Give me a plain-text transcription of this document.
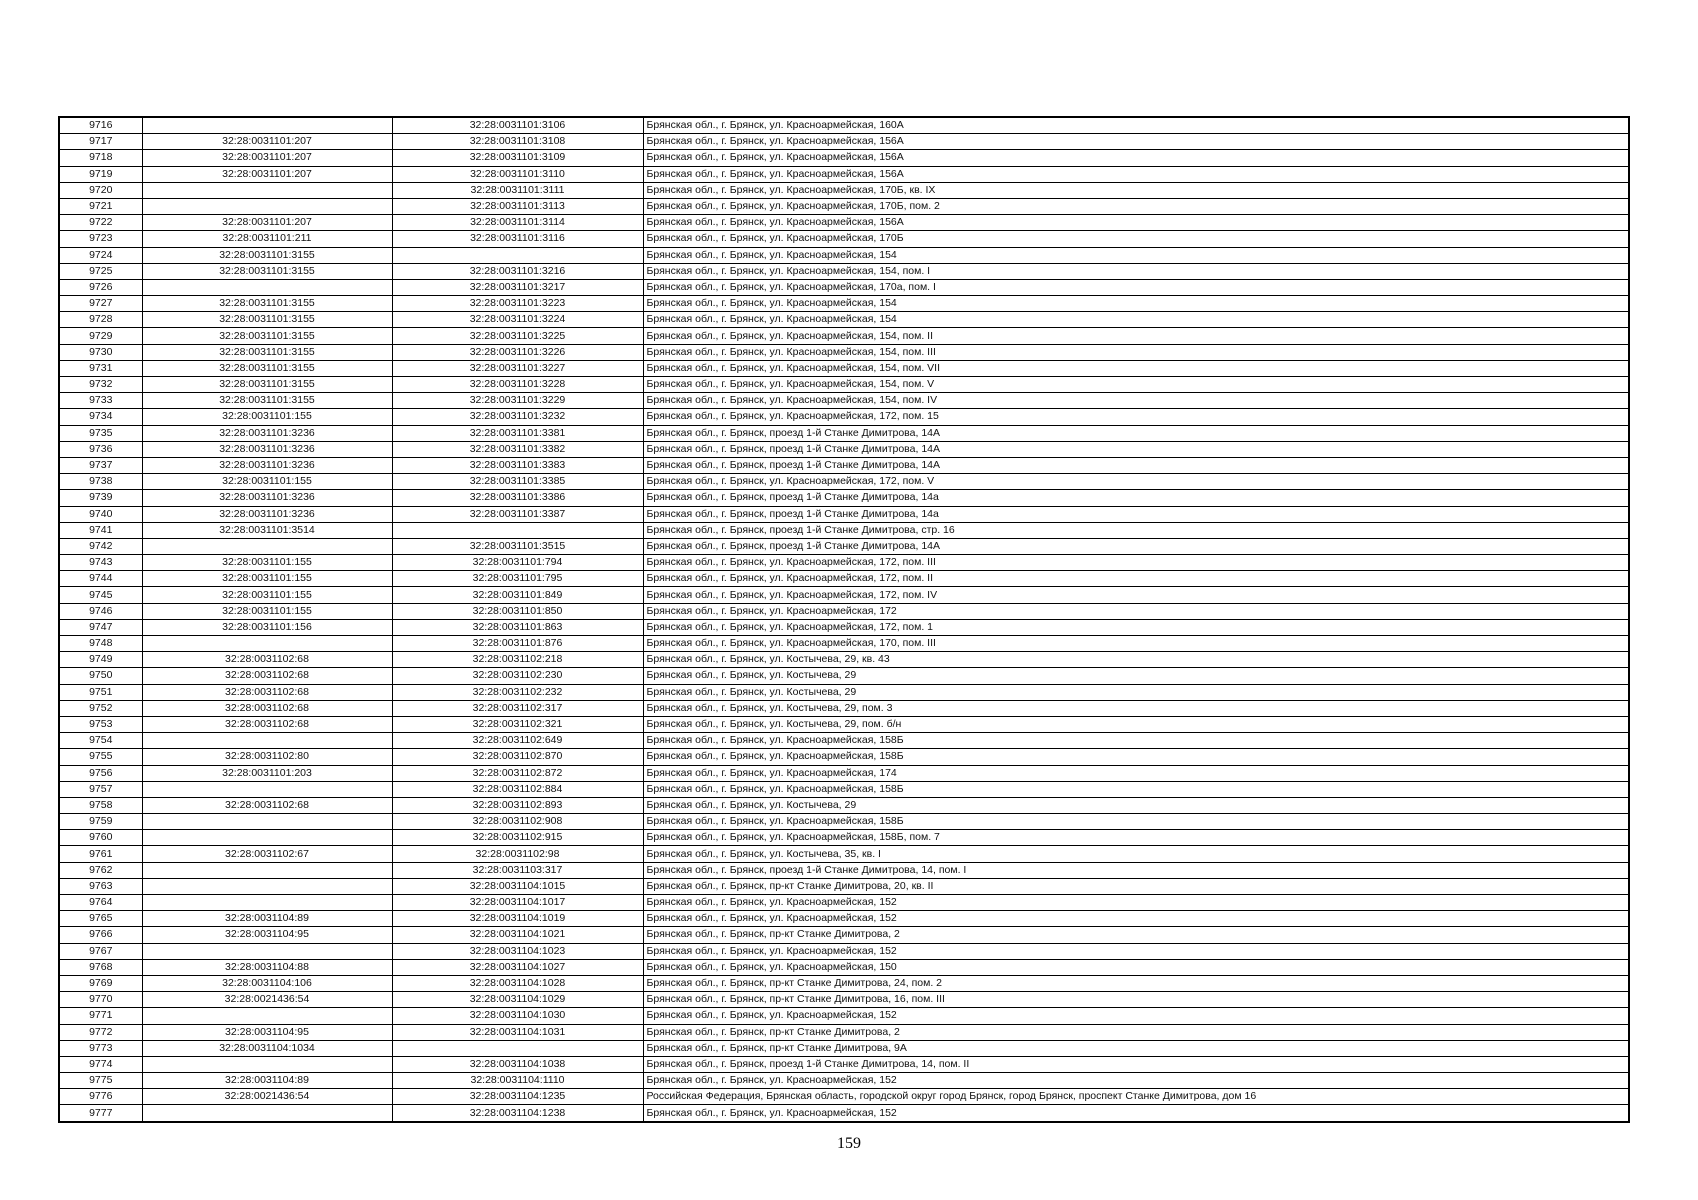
9716		32:28:0031101:3106	Брянская обл., г. Брянск, ул. Красноармейская, 160А
9717	32:28:0031101:207	32:28:0031101:3108	Брянская обл., г. Брянск, ул. Красноармейская, 156А
9718	32:28:0031101:207	32:28:0031101:3109	Брянская обл., г. Брянск, ул. Красноармейская, 156А
9719	32:28:0031101:207	32:28:0031101:3110	Брянская обл., г. Брянск, ул. Красноармейская, 156А
9720		32:28:0031101:3111	Брянская обл., г. Брянск, ул. Красноармейская, 170Б, кв. IX
9721		32:28:0031101:3113	Брянская обл., г. Брянск, ул. Красноармейская, 170Б, пом. 2
9722	32:28:0031101:207	32:28:0031101:3114	Брянская обл., г. Брянск, ул. Красноармейская, 156А
9723	32:28:0031101:211	32:28:0031101:3116	Брянская обл., г. Брянск, ул. Красноармейская, 170Б
9724	32:28:0031101:3155		Брянская обл., г. Брянск, ул. Красноармейская, 154
9725	32:28:0031101:3155	32:28:0031101:3216	Брянская обл., г. Брянск, ул. Красноармейская, 154, пом. I
9726		32:28:0031101:3217	Брянская обл., г. Брянск, ул. Красноармейская, 170а, пом. I
9727	32:28:0031101:3155	32:28:0031101:3223	Брянская обл., г. Брянск, ул. Красноармейская, 154
9728	32:28:0031101:3155	32:28:0031101:3224	Брянская обл., г. Брянск, ул. Красноармейская, 154
9729	32:28:0031101:3155	32:28:0031101:3225	Брянская обл., г. Брянск, ул. Красноармейская, 154, пом. II
9730	32:28:0031101:3155	32:28:0031101:3226	Брянская обл., г. Брянск, ул. Красноармейская, 154, пом. III
9731	32:28:0031101:3155	32:28:0031101:3227	Брянская обл., г. Брянск, ул. Красноармейская, 154, пом. VII
9732	32:28:0031101:3155	32:28:0031101:3228	Брянская обл., г. Брянск, ул. Красноармейская, 154, пом. V
9733	32:28:0031101:3155	32:28:0031101:3229	Брянская обл., г. Брянск, ул. Красноармейская, 154, пом. IV
9734	32:28:0031101:155	32:28:0031101:3232	Брянская обл., г. Брянск, ул. Красноармейская, 172, пом. 15
9735	32:28:0031101:3236	32:28:0031101:3381	Брянская обл., г. Брянск, проезд 1-й Станке Димитрова, 14А
9736	32:28:0031101:3236	32:28:0031101:3382	Брянская обл., г. Брянск, проезд 1-й Станке Димитрова, 14А
9737	32:28:0031101:3236	32:28:0031101:3383	Брянская обл., г. Брянск, проезд 1-й Станке Димитрова, 14А
9738	32:28:0031101:155	32:28:0031101:3385	Брянская обл., г. Брянск, ул. Красноармейская, 172, пом. V
9739	32:28:0031101:3236	32:28:0031101:3386	Брянская обл., г. Брянск, проезд 1-й Станке Димитрова, 14а
9740	32:28:0031101:3236	32:28:0031101:3387	Брянская обл., г. Брянск, проезд 1-й Станке Димитрова, 14а
9741	32:28:0031101:3514		Брянская обл., г. Брянск, проезд 1-й Станке Димитрова, стр. 16
9742		32:28:0031101:3515	Брянская обл., г. Брянск, проезд 1-й Станке Димитрова, 14А
9743	32:28:0031101:155	32:28:0031101:794	Брянская обл., г. Брянск, ул. Красноармейская, 172, пом. III
9744	32:28:0031101:155	32:28:0031101:795	Брянская обл., г. Брянск, ул. Красноармейская, 172, пом. II
9745	32:28:0031101:155	32:28:0031101:849	Брянская обл., г. Брянск, ул. Красноармейская, 172, пом. IV
9746	32:28:0031101:155	32:28:0031101:850	Брянская обл., г. Брянск, ул. Красноармейская, 172
9747	32:28:0031101:156	32:28:0031101:863	Брянская обл., г. Брянск, ул. Красноармейская, 172, пом. 1
9748		32:28:0031101:876	Брянская обл., г. Брянск, ул. Красноармейская, 170, пом. III
9749	32:28:0031102:68	32:28:0031102:218	Брянская обл., г. Брянск, ул. Костычева, 29, кв. 43
9750	32:28:0031102:68	32:28:0031102:230	Брянская обл., г. Брянск, ул. Костычева, 29
9751	32:28:0031102:68	32:28:0031102:232	Брянская обл., г. Брянск, ул. Костычева, 29
9752	32:28:0031102:68	32:28:0031102:317	Брянская обл., г. Брянск, ул. Костычева, 29, пом. 3
9753	32:28:0031102:68	32:28:0031102:321	Брянская обл., г. Брянск, ул. Костычева, 29, пом. б/н
9754		32:28:0031102:649	Брянская обл., г. Брянск, ул. Красноармейская, 158Б
9755	32:28:0031102:80	32:28:0031102:870	Брянская обл., г. Брянск, ул. Красноармейская, 158Б
9756	32:28:0031101:203	32:28:0031102:872	Брянская обл., г. Брянск, ул. Красноармейская, 174
9757		32:28:0031102:884	Брянская обл., г. Брянск, ул. Красноармейская, 158Б
9758	32:28:0031102:68	32:28:0031102:893	Брянская обл., г. Брянск, ул. Костычева, 29
9759		32:28:0031102:908	Брянская обл., г. Брянск, ул. Красноармейская, 158Б
9760		32:28:0031102:915	Брянская обл., г. Брянск, ул. Красноармейская, 158Б, пом. 7
9761	32:28:0031102:67	32:28:0031102:98	Брянская обл., г. Брянск, ул. Костычева, 35, кв. I
9762		32:28:0031103:317	Брянская обл., г. Брянск, проезд 1-й Станке Димитрова, 14, пом. I
9763		32:28:0031104:1015	Брянская обл., г. Брянск, пр-кт Станке Димитрова, 20, кв. II
9764		32:28:0031104:1017	Брянская обл., г. Брянск, ул. Красноармейская, 152
9765	32:28:0031104:89	32:28:0031104:1019	Брянская обл., г. Брянск, ул. Красноармейская, 152
9766	32:28:0031104:95	32:28:0031104:1021	Брянская обл., г. Брянск, пр-кт Станке Димитрова, 2
9767		32:28:0031104:1023	Брянская обл., г. Брянск, ул. Красноармейская, 152
9768	32:28:0031104:88	32:28:0031104:1027	Брянская обл., г. Брянск, ул. Красноармейская, 150
9769	32:28:0031104:106	32:28:0031104:1028	Брянская обл., г. Брянск, пр-кт Станке Димитрова, 24, пом. 2
9770	32:28:0021436:54	32:28:0031104:1029	Брянская обл., г. Брянск, пр-кт Станке Димитрова, 16, пом. III
9771		32:28:0031104:1030	Брянская обл., г. Брянск, ул. Красноармейская, 152
9772	32:28:0031104:95	32:28:0031104:1031	Брянская обл., г. Брянск, пр-кт Станке Димитрова, 2
9773	32:28:0031104:1034		Брянская обл., г. Брянск, пр-кт Станке Димитрова, 9А
9774		32:28:0031104:1038	Брянская обл., г. Брянск, проезд 1-й Станке Димитрова, 14, пом. II
9775	32:28:0031104:89	32:28:0031104:1110	Брянская обл., г. Брянск, ул. Красноармейская, 152
9776	32:28:0021436:54	32:28:0031104:1235	Российская Федерация, Брянская область, городской округ город Брянск, город Брянск, проспект Станке Димитрова, дом 16
9777		32:28:0031104:1238	Брянская обл., г. Брянск, ул. Красноармейская, 152
159
